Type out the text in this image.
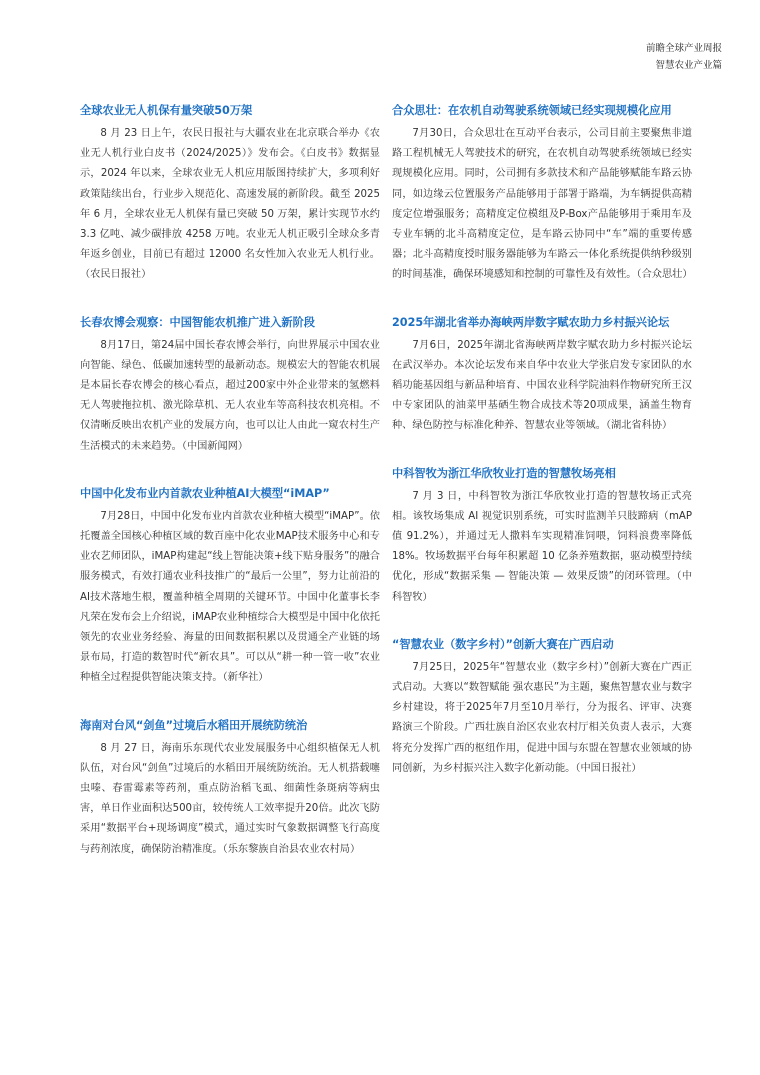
前瞻全球产业周报
智慧农业产业篇
全球农业无人机保有量突破50万架

8 月 23 日上午，农民日报社与大疆农业在北京联合举办《农业无人机行业白皮书（2024/2025）》发布会。《白皮书》数据显示，2024 年以来，全球农业无人机应用版图持续扩大，多项利好政策陆续出台，行业步入规范化、高速发展的新阶段。截至 2025 年 6 月，全球农业无人机保有量已突破 50 万架，累计实现节水约 3.3 亿吨、减少碳排放 4258 万吨。农业无人机正吸引全球众多青年返乡创业，目前已有超过 12000 名女性加入农业无人机行业。（农民日报社）

长春农博会观察：中国智能农机推广进入新阶段

8月17日，第24届中国长春农博会举行，向世界展示中国农业向智能、绿色、低碳加速转型的最新动态。规模宏大的智能农机展是本届长春农博会的核心看点，超过200家中外企业带来的氢燃料无人驾驶拖拉机、激光除草机、无人农业车等高科技农机亮相。不仅清晰反映出农机产业的发展方向，也可以让人由此一窥农村生产生活模式的未来趋势。（中国新闻网）

中国中化发布业内首款农业种植AI大模型“iMAP”

7月28日，中国中化发布业内首款农业种植大模型“iMAP”。依托覆盖全国核心种植区域的数百座中化农业MAP技术服务中心和专业农艺师团队，iMAP构建起“线上智能决策+线下贴身服务”的融合服务模式，有效打通农业科技推广的“最后一公里”，努力让前沿的AI技术落地生根，覆盖种植全周期的关键环节。中国中化董事长李凡荣在发布会上介绍说，iMAP农业种植综合大模型是中国中化依托领先的农业业务经验、海量的田间数据积累以及贯通全产业链的场景布局，打造的数智时代“新农具”。可以从“耕一种一管一收”农业种植全过程提供智能决策支持。（新华社）

海南对台风“剑鱼”过境后水稻田开展统防统治

8 月 27 日，海南乐东现代农业发展服务中心组织植保无人机队伍，对台风“剑鱼”过境后的水稻田开展统防统治。无人机搭载噻虫嗪、春雷霉素等药剂，重点防治稻飞虱、细菌性条斑病等病虫害，单日作业面积达500亩，较传统人工效率提升20倍。此次飞防采用“数据平台+现场调度”模式，通过实时气象数据调整飞行高度与药剂浓度，确保防治精准度。（乐东黎族自治县农业农村局）

合众思壮：在农机自动驾驶系统领域已经实现规模化应用

7月30日，合众思壮在互动平台表示，公司目前主要聚焦非道路工程机械无人驾驶技术的研究，在农机自动驾驶系统领域已经实现规模化应用。同时，公司拥有多款技术和产品能够赋能车路云协同，如边缘云位置服务产品能够用于部署于路端，为车辆提供高精度定位增强服务；高精度定位模组及P-Box产品能够用于乘用车及专业车辆的北斗高精度定位，是车路云协同中“车”端的重要传感器；北斗高精度授时服务器能够为车路云一体化系统提供纳秒级别的时间基准，确保环境感知和控制的可靠性及有效性。（合众思壮）

2025年湖北省举办海峡两岸数字赋农助力乡村振兴论坛

7月6日，2025年湖北省海峡两岸数字赋农助力乡村振兴论坛在武汉举办。本次论坛发布来自华中农业大学张启发专家团队的水稻功能基因组与新品种培育、中国农业科学院油料作物研究所王汉中专家团队的油菜甲基硒生物合成技术等20项成果，涵盖生物育种、绿色防控与标准化种养、智慧农业等领域。（湖北省科协）

中科智牧为浙江华欣牧业打造的智慧牧场亮相

7 月 3 日，中科智牧为浙江华欣牧业打造的智慧牧场正式亮相。该牧场集成 AI 视觉识别系统，可实时监测羊只肢蹄病（mAP值 91.2%），并通过无人撒料车实现精准饲喂，饲料浪费率降低 18%。牧场数据平台每年积累超 10 亿条养殖数据，驱动模型持续优化，形成“数据采集 — 智能决策 — 效果反馈”的闭环管理。（中科智牧）

“智慧农业（数字乡村）”创新大赛在广西启动

7月25日，2025年“智慧农业（数字乡村）”创新大赛在广西正式启动。大赛以“数智赋能 强农惠民”为主题，聚焦智慧农业与数字乡村建设，将于2025年7月至10月举行，分为报名、评审、决赛路演三个阶段。广西壮族自治区农业农村厅相关负责人表示，大赛将充分发挥广西的枢纽作用，促进中国与东盟在智慧农业领域的协同创新，为乡村振兴注入数字化新动能。（中国日报社）
